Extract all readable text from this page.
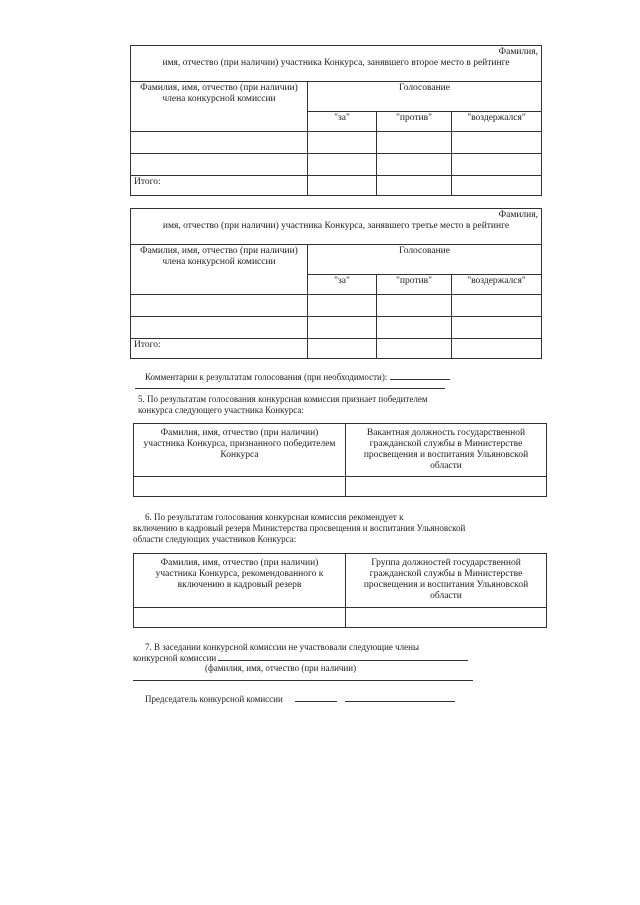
Фамилия,
имя, отчество (при наличии) участника Конкурса, занявшего второе место в рейтинге			

Фамилия, имя, отчество (при наличии) члена конкурсной комиссии	Голосование		
	"за"	"против"	"воздержался"

Итого:			
Фамилия,
имя, отчество (при наличии) участника Конкурса, занявшего третье место в рейтинге			

Фамилия, имя, отчество (при наличии) члена конкурсной комиссии	Голосование		
	"за"	"против"	"воздержался"

Итого:			
Комментарии к результатам голосования (при необходимости):
5. По результатам голосования конкурсная комиссия признает победителем конкурса следующего участника Конкурса:
Фамилия, имя, отчество (при наличии) участника Конкурса, признанного победителем Конкурса	Вакантная должность государственной гражданской службы в Министерстве просвещения и воспитания Ульяновской области

6. По результатам голосования конкурсная комиссия рекомендует к
включению в кадровый резерв Министерства просвещения и воспитания Ульяновской
области следующих участников Конкурса:
Фамилия, имя, отчество (при наличии) участника Конкурса, рекомендованного к включению в кадровый резерв	Группа должностей государственной гражданской службы в Министерстве просвещения и воспитания Ульяновской области

7. В заседании конкурсной комиссии не участвовали следующие члены
конкурсной комиссии
(фамилия, имя, отчество (при наличии)
Председатель конкурсной комиссии
